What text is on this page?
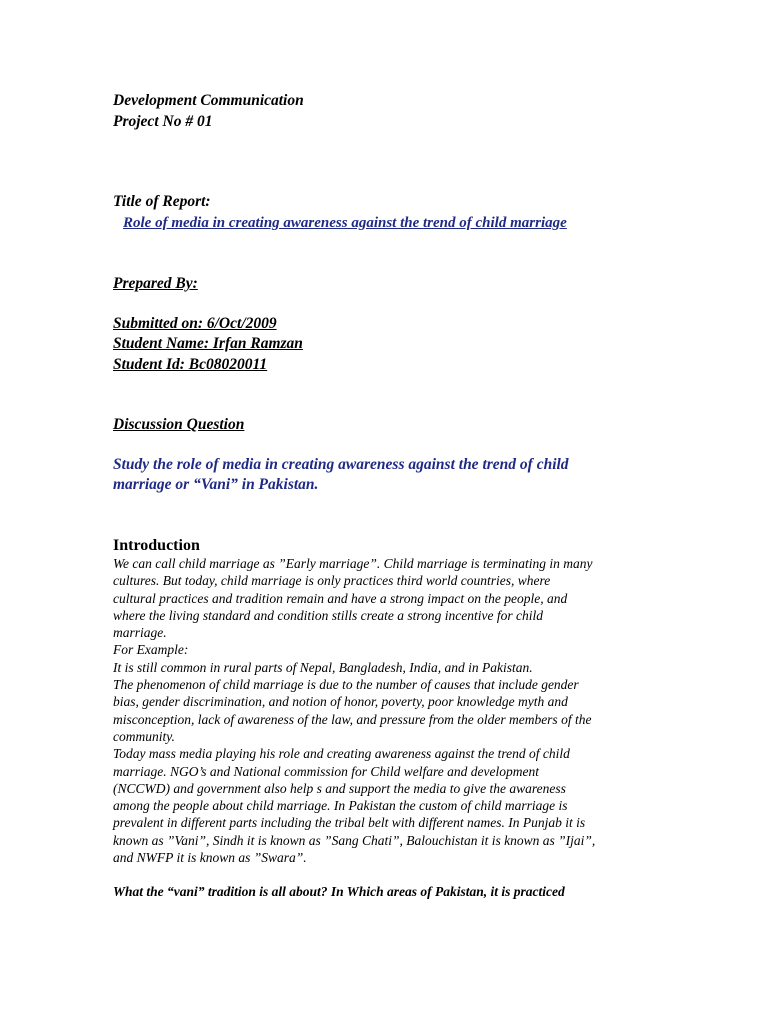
Development Communication
Project No # 01
Title of Report:
Role of media in creating awareness against the trend of child marriage
Prepared By:
Submitted on: 6/Oct/2009
Student Name: Irfan Ramzan
Student Id: Bc08020011
Discussion Question
Study the role of media in creating awareness against the trend of child
marriage or “Vani” in Pakistan.
Introduction
We can call child marriage as ”Early marriage”. Child marriage is terminating in many
cultures. But today, child marriage is only practices third world countries, where
cultural practices and tradition remain and have a strong impact on the people, and
where the living standard and condition stills create a strong incentive for child
marriage.
For Example:
It is still common in rural parts of Nepal, Bangladesh, India, and in Pakistan.
The phenomenon of child marriage is due to the number of causes that include gender
bias, gender discrimination, and notion of honor, poverty, poor knowledge myth and
misconception, lack of awareness of the law, and pressure from the older members of the
community.
Today mass media playing his role and creating awareness against the trend of child
marriage. NGO’s and National commission for Child welfare and development
(NCCWD) and government also help s and support the media to give the awareness
among the people about child marriage. In Pakistan the custom of child marriage is
prevalent in different parts including the tribal belt with different names. In Punjab it is
known as ”Vani”, Sindh it is known as ”Sang Chati”, Balouchistan it is known as ”Ijai”,
and NWFP it is known as ”Swara”.
What the “vani” tradition is all about? In Which areas of Pakistan, it is practiced
